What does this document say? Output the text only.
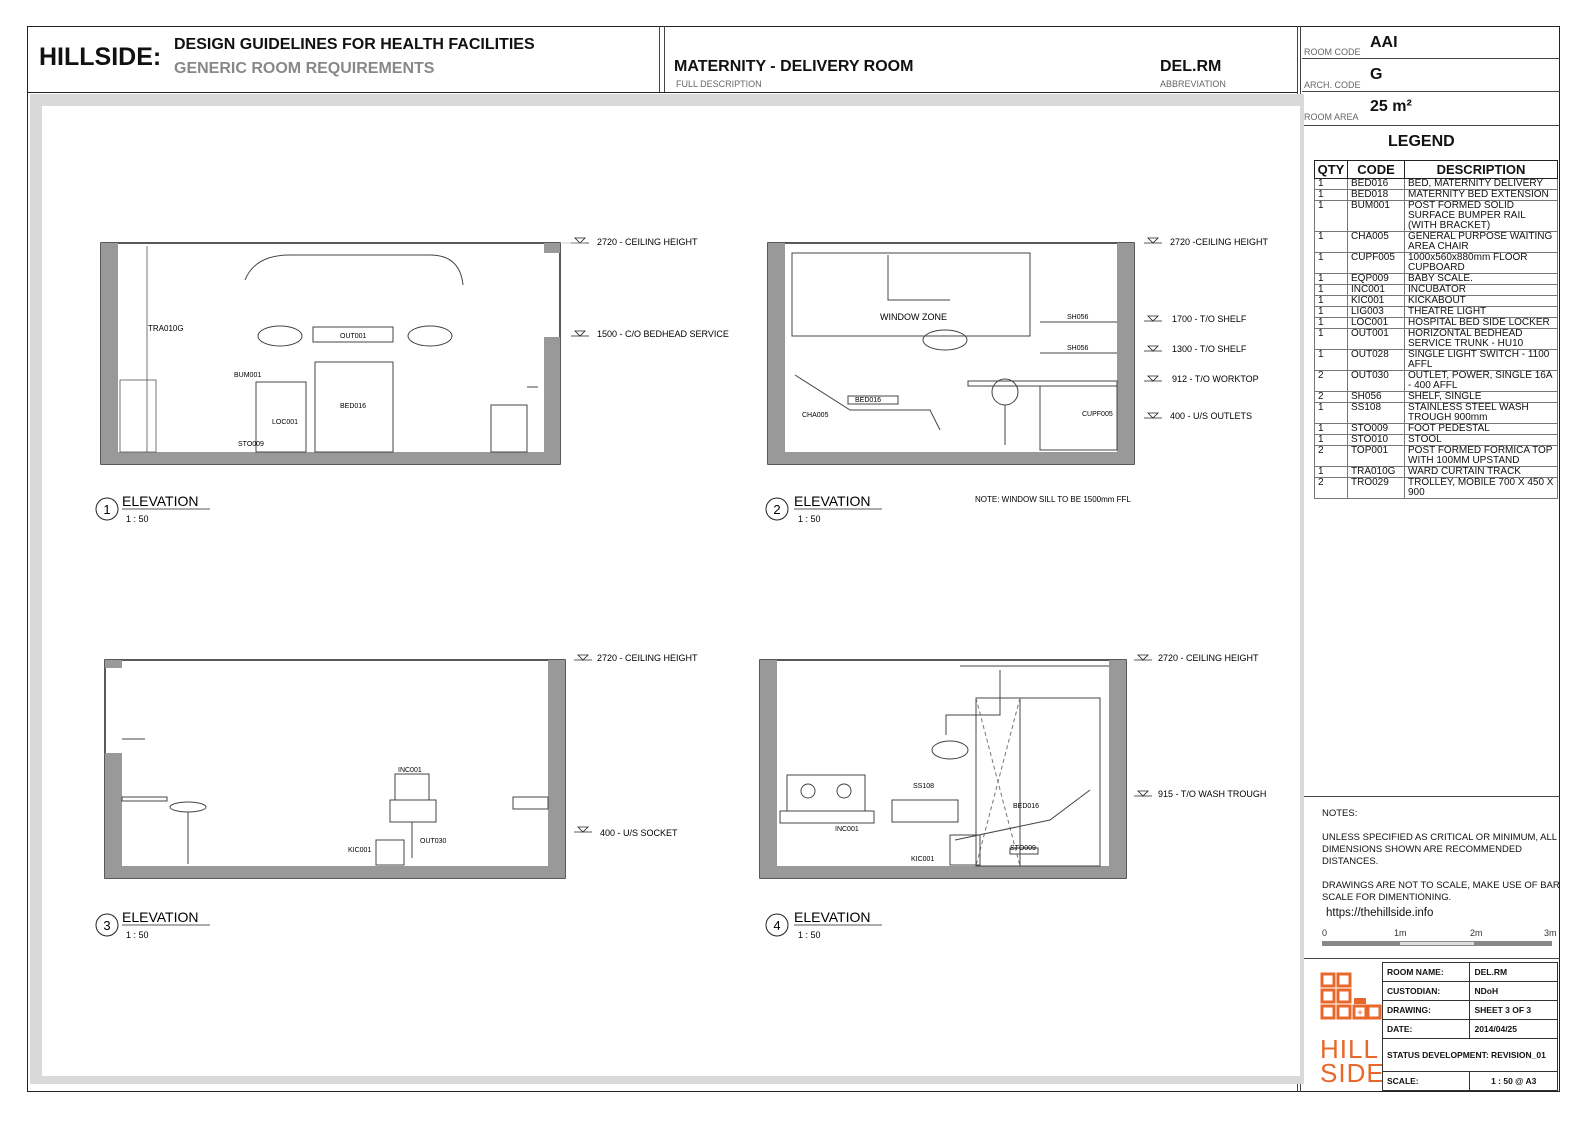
HILLSIDE: DESIGN GUIDELINES FOR HEALTH FACILITIES
GENERIC ROOM REQUIREMENTS	MATERNITY - DELIVERY ROOM
FULL DESCRIPTION
DEL.RM
ABBREVIATION
ROOM CODE
AAI
ARCH. CODE
G
ROOM AREA
25 m²
LEGEND
QTY	CODE	DESCRIPTION
1	BED016	BED, MATERNITY DELIVERY
1	BED018	MATERNITY BED EXTENSION
1	BUM001	POST FORMED SOLID SURFACE BUMPER RAIL (WITH BRACKET)
1	CHA005	GENERAL PURPOSE WAITING AREA CHAIR
1	CUPF005	1000x560x880mm FLOOR CUPBOARD
1	EQP009	BABY SCALE.
1	INC001	INCUBATOR
1	KIC001	KICKABOUT
1	LIG003	THEATRE LIGHT
1	LOC001	HOSPITAL BED SIDE LOCKER
1	OUT001	HORIZONTAL BEDHEAD SERVICE TRUNK - HU10
1	OUT028	SINGLE LIGHT SWITCH - 1100 AFFL
2	OUT030	OUTLET, POWER, SINGLE 16A - 400 AFFL
2	SH056	SHELF, SINGLE
1	SS108	STAINLESS STEEL WASH TROUGH 900mm
1	STO009	FOOT PEDESTAL
1	STO010	STOOL
2	TOP001	POST FORMED FORMICA TOP WITH 100MM UPSTAND
1	TRA010G	WARD CURTAIN TRACK
2	TRO029	TROLLEY, MOBILE 700 X 450 X 900
NOTES:
UNLESS SPECIFIED AS CRITICAL OR MINIMUM, ALL DIMENSIONS SHOWN ARE RECOMMENDED DISTANCES.
DRAWINGS ARE NOT TO SCALE, MAKE USE OF BAR SCALE FOR DIMENTIONING.
https://thehillside.info
0	1m	2m	3m
+
HILL
SIDE
ROOM NAME:	DEL.RM
CUSTODIAN:	NDoH
DRAWING:	SHEET 3 OF 3
DATE:	2014/04/25
STATUS DEVELOPMENT: REVISION_01	
SCALE:	1 : 50 @ A3
TRA010G
OUT001
BUM001
BED016
LOC001
STO009
2720 - CEILING HEIGHT
1500 - C/O BEDHEAD SERVICE
1
ELEVATION
1 : 50
WINDOW ZONE	SH056
SH056
BED016
CHA005	CUPF005
2720 -CEILING HEIGHT
1700 - T/O SHELF
1300 - T/O SHELF
912 - T/O WORKTOP
400 - U/S OUTLETS
2
ELEVATION
1 : 50
NOTE: WINDOW SILL TO BE 1500mm FFL
INC001
KIC001
OUT030
2720 - CEILING HEIGHT
400 - U/S SOCKET
3
ELEVATION
1 : 50
SS108
INC001
BED016
STO009
KIC001
2720 - CEILING HEIGHT
915 - T/O WASH TROUGH
4
ELEVATION
1 : 50
